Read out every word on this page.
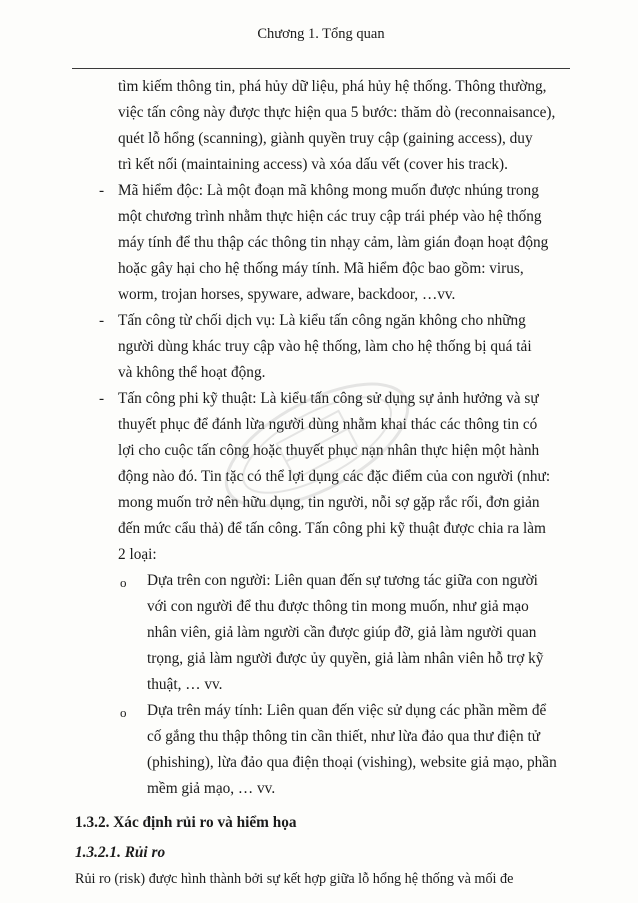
Chương 1. Tổng quan
tìm kiếm thông tin, phá hủy dữ liệu, phá hủy hệ thống. Thông thường,
việc tấn công này được thực hiện qua 5 bước: thăm dò (reconnaisance),
quét lỗ hổng (scanning), giành quyền truy cập (gaining access), duy
trì kết nối (maintaining access) và xóa dấu vết (cover his track).
- Mã hiểm độc: Là một đoạn mã không mong muốn được nhúng trong
một chương trình nhằm thực hiện các truy cập trái phép vào hệ thống
máy tính để thu thập các thông tin nhạy cảm, làm gián đoạn hoạt động
hoặc gây hại cho hệ thống máy tính. Mã hiểm độc bao gồm: virus,
worm, trojan horses, spyware, adware, backdoor, …vv.
- Tấn công từ chối dịch vụ: Là kiểu tấn công ngăn không cho những
người dùng khác truy cập vào hệ thống, làm cho hệ thống bị quá tải
và không thể hoạt động.
- Tấn công phi kỹ thuật: Là kiểu tấn công sử dụng sự ảnh hưởng và sự
thuyết phục để đánh lừa người dùng nhằm khai thác các thông tin có
lợi cho cuộc tấn công hoặc thuyết phục nạn nhân thực hiện một hành
động nào đó. Tin tặc có thể lợi dụng các đặc điểm của con người (như:
mong muốn trở nên hữu dụng, tin người, nỗi sợ gặp rắc rối, đơn giản
đến mức cẩu thả) để tấn công. Tấn công phi kỹ thuật được chia ra làm
2 loại:
o Dựa trên con người: Liên quan đến sự tương tác giữa con người
với con người để thu được thông tin mong muốn, như giả mạo
nhân viên, giả làm người cần được giúp đỡ, giả làm người quan
trọng, giả làm người được ủy quyền, giả làm nhân viên hỗ trợ kỹ
thuật, … vv.
o Dựa trên máy tính: Liên quan đến việc sử dụng các phần mềm để
cố gắng thu thập thông tin cần thiết, như lừa đảo qua thư điện tử
(phishing), lừa đảo qua điện thoại (vishing), website giả mạo, phần
mềm giả mạo, … vv.
1.3.2. Xác định rủi ro và hiểm họa
1.3.2.1. Rủi ro
Rủi ro (risk) được hình thành bởi sự kết hợp giữa lỗ hổng hệ thống và mối đe
